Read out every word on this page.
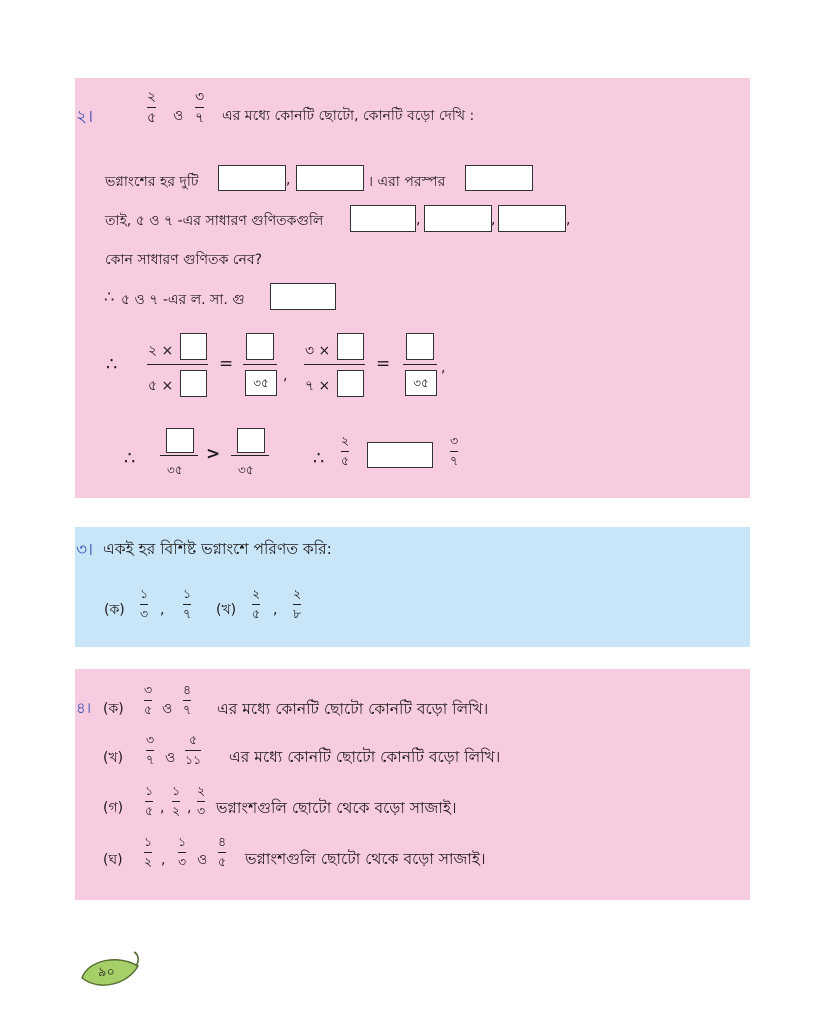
২।
২
৫ ও
৩
৭ এর মধ্যে কোনটি ছোটো, কোনটি বড়ো দেখি :
ভগ্নাংশের হর দুটি	,	। এরা পরস্পর
তাই, ৫ ও ৭ -এর সাধারণ গুণিতকগুলি	,	,	,
কোন সাধারণ গুণিতক নেব?
∴ ৫ ও ৭ -এর ল. সা. গু
∴
২ ×
৫ ×
=
৩৫	,
৩ ×
৭ ×
=
৩৫
,
∴
৩৫
>
৩৫
∴
২
৫
৩
৭
৩। একই হর বিশিষ্ট ভগ্নাংশে পরিণত করি:
(ক)
১
৩ ,
১
৭ (খ)
২
৫ ,
২
৮
৪। (ক)
৩
৫ ও
৪
৭ এর মধ্যে কোনটি ছোটো কোনটি বড়ো লিখি।
(খ)
৩
৭ ও
৫
১১ এর মধ্যে কোনটি ছোটো কোনটি বড়ো লিখি।
(গ)
১
৫ ,
১
২ ,
২
৩ ভগ্নাংশগুলি ছোটো থেকে বড়ো সাজাই।
(ঘ)
১
২ ,
১
৩ ও
৪
৫ ভগ্নাংশগুলি ছোটো থেকে বড়ো সাজাই।
৯০
